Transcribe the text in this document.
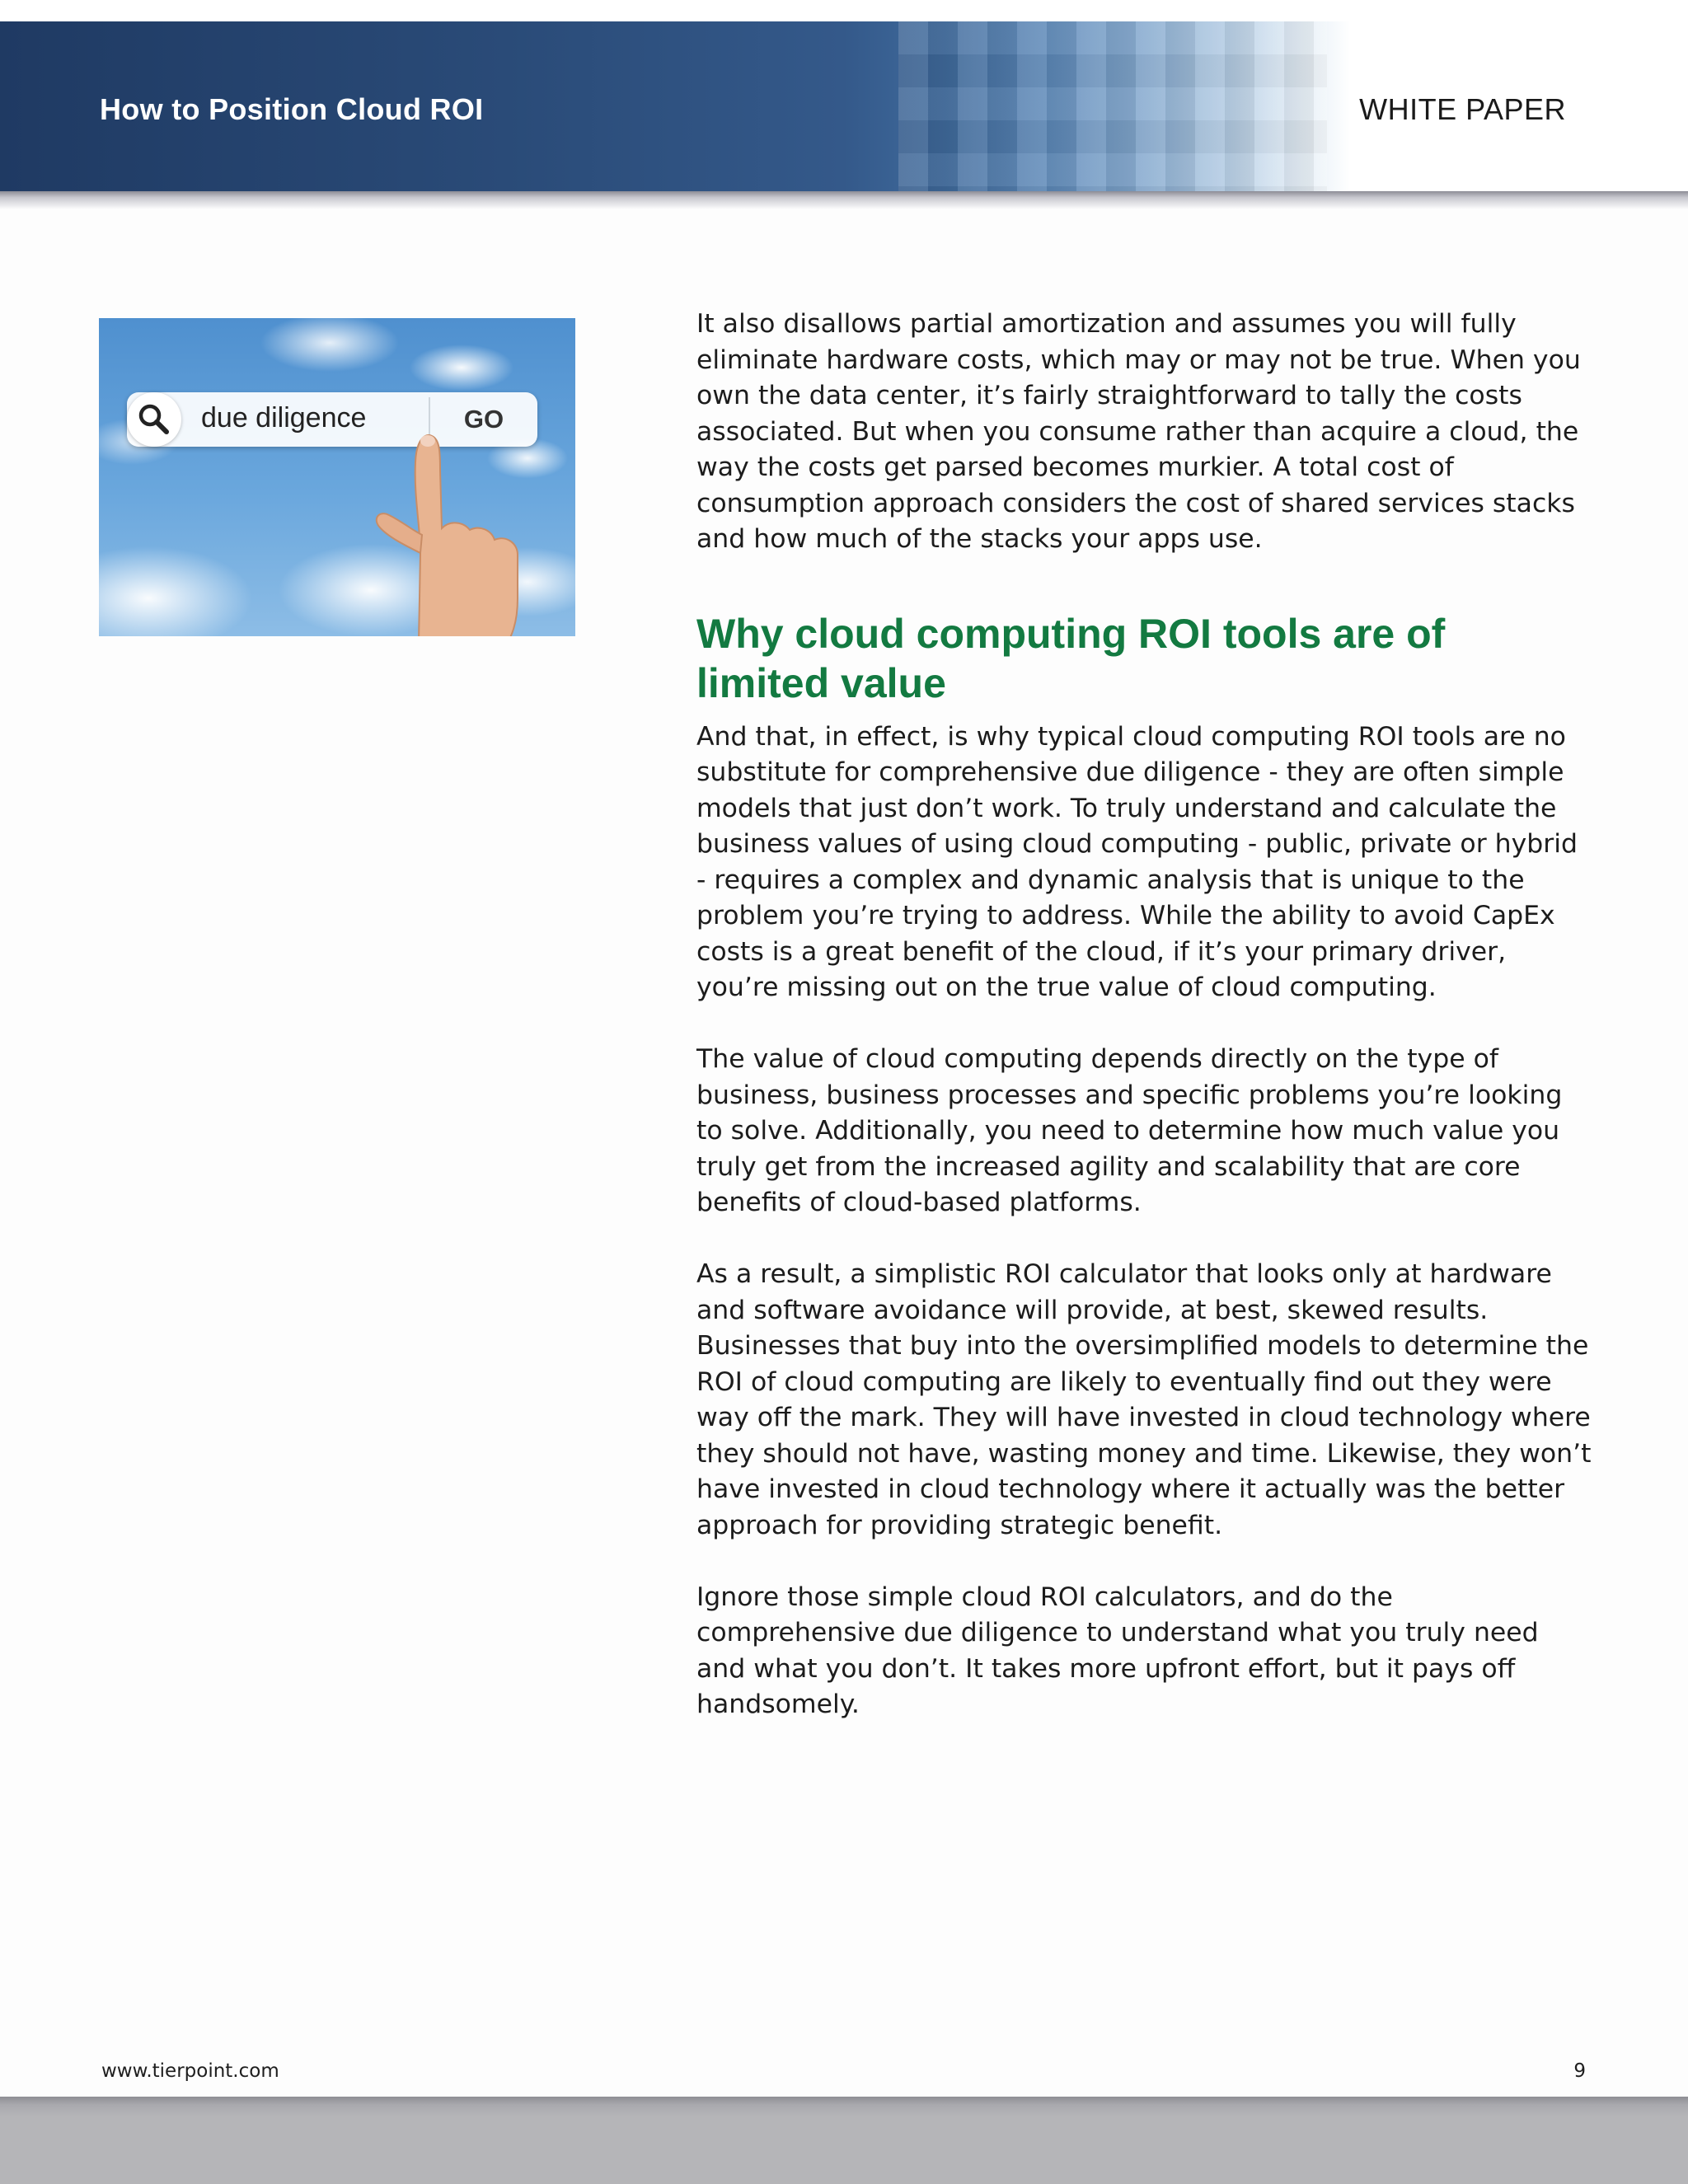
How to Position Cloud ROI	WHITE PAPER
due diligence	GO

It also disallows partial amortization and assumes you will fully eliminate hardware costs, which may or may not be true. When you own the data center, it’s fairly straightforward to tally the costs associated. But when you consume rather than acquire a cloud, the way the costs get parsed becomes murkier. A total cost of consumption approach considers the cost of shared services stacks and how much of the stacks your apps use.

Why cloud computing ROI tools are of limited value

And that, in effect, is why typical cloud computing ROI tools are no substitute for comprehensive due diligence - they are often simple models that just don’t work. To truly understand and calculate the business values of using cloud computing - public, private or hybrid - requires a complex and dynamic analysis that is unique to the problem you’re trying to address. While the ability to avoid CapEx costs is a great benefit of the cloud, if it’s your primary driver, you’re missing out on the true value of cloud computing.

The value of cloud computing depends directly on the type of business, business processes and specific problems you’re looking to solve. Additionally, you need to determine how much value you truly get from the increased agility and scalability that are core benefits of cloud-based platforms.

As a result, a simplistic ROI calculator that looks only at hardware and software avoidance will provide, at best, skewed results. Businesses that buy into the oversimplified models to determine the ROI of cloud computing are likely to eventually find out they were way off the mark. They will have invested in cloud technology where they should not have, wasting money and time. Likewise, they won’t have invested in cloud technology where it actually was the better approach for providing strategic benefit.

Ignore those simple cloud ROI calculators, and do the comprehensive due diligence to understand what you truly need and what you don’t. It takes more upfront effort, but it pays off handsomely.

www.tierpoint.com	9
